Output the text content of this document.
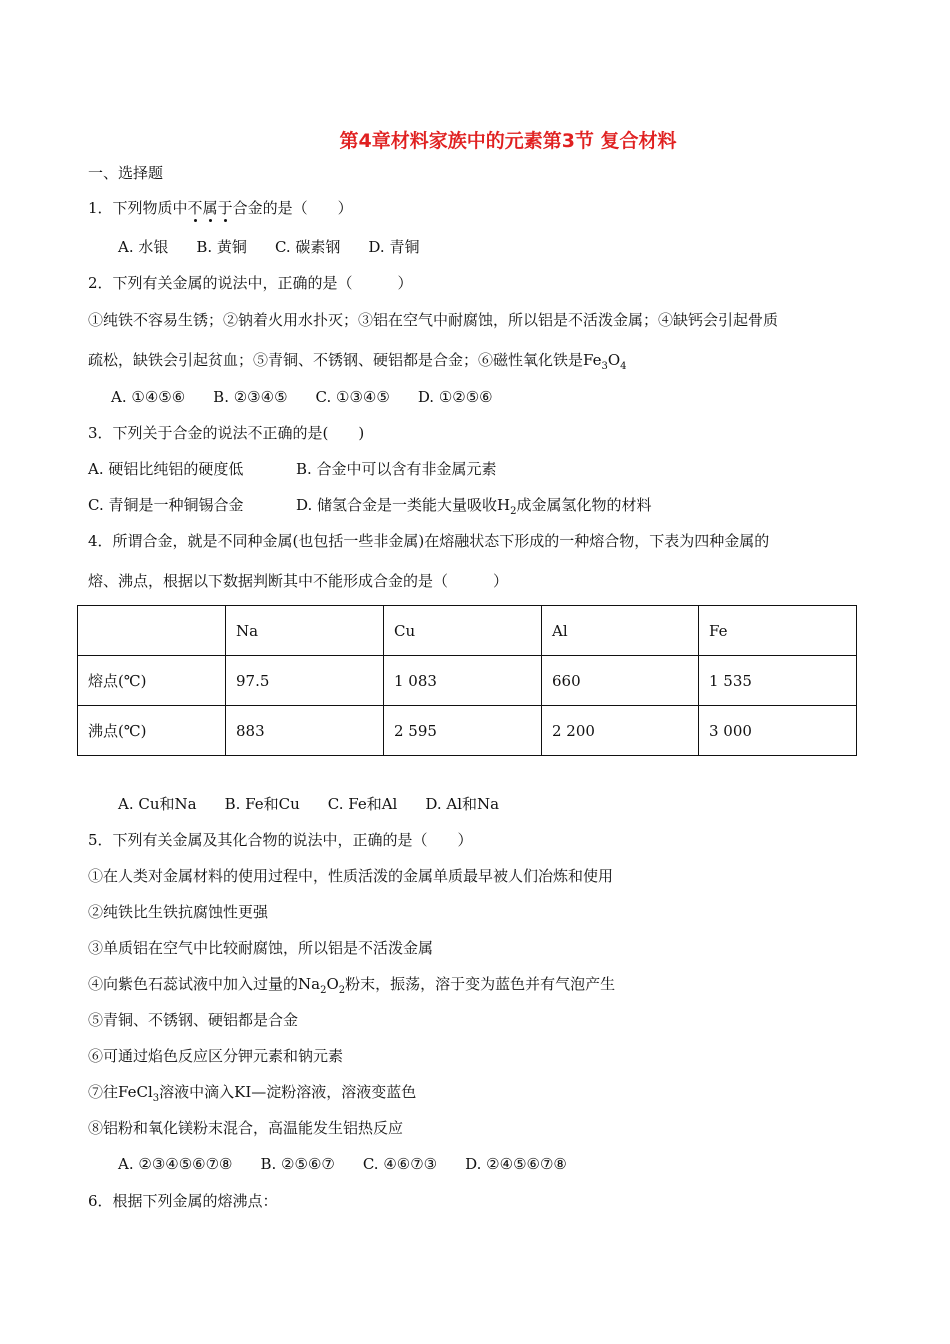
第4章材料家族中的元素第3节 复合材料
一、选择题
1．下列物质中不属于合金的是（　　）
A. 水银 B. 黄铜 C. 碳素钢 D. 青铜
2．下列有关金属的说法中，正确的是（　　　）
①纯铁不容易生锈；②钠着火用水扑灭；③铝在空气中耐腐蚀，所以铝是不活泼金属；④缺钙会引起骨质
疏松，缺铁会引起贫血；⑤青铜、不锈钢、硬铝都是合金；⑥磁性氧化铁是$Fe_3O_4$
A. ①④⑤⑥ B. ②③④⑤ C. ①③④⑤ D. ①②⑤⑥
3．下列关于合金的说法不正确的是(　　)
A. 硬铝比纯铝的硬度低	B. 合金中可以含有非金属元素
C. 青铜是一种铜锡合金	D. 储氢合金是一类能大量吸收$H_2$成金属氢化物的材料
4．所谓合金，就是不同种金属(也包括一些非金属)在熔融状态下形成的一种熔合物，下表为四种金属的
熔、沸点，根据以下数据判断其中不能形成合金的是（　　　）
	Na	Cu	Al	Fe
熔点(℃)	97.5	1 083	660	1 535
沸点(℃)	883	2 595	2 200	3 000
A. Cu和Na B. Fe和Cu C. Fe和Al D. Al和Na
5．下列有关金属及其化合物的说法中，正确的是（　　）
①在人类对金属材料的使用过程中，性质活泼的金属单质最早被人们冶炼和使用
②纯铁比生铁抗腐蚀性更强
③单质铝在空气中比较耐腐蚀，所以铝是不活泼金属
④向紫色石蕊试液中加入过量的$Na_2O_2$粉末，振荡，溶于变为蓝色并有气泡产生
⑤青铜、不锈钢、硬铝都是合金
⑥可通过焰色反应区分钾元素和钠元素
⑦往FeCl$_3$溶液中滴入KI—淀粉溶液，溶液变蓝色
⑧铝粉和氧化镁粉末混合，高温能发生铝热反应
A. ②③④⑤⑥⑦⑧ B. ②⑤⑥⑦ C. ④⑥⑦③ D. ②④⑤⑥⑦⑧
6．根据下列金属的熔沸点：
